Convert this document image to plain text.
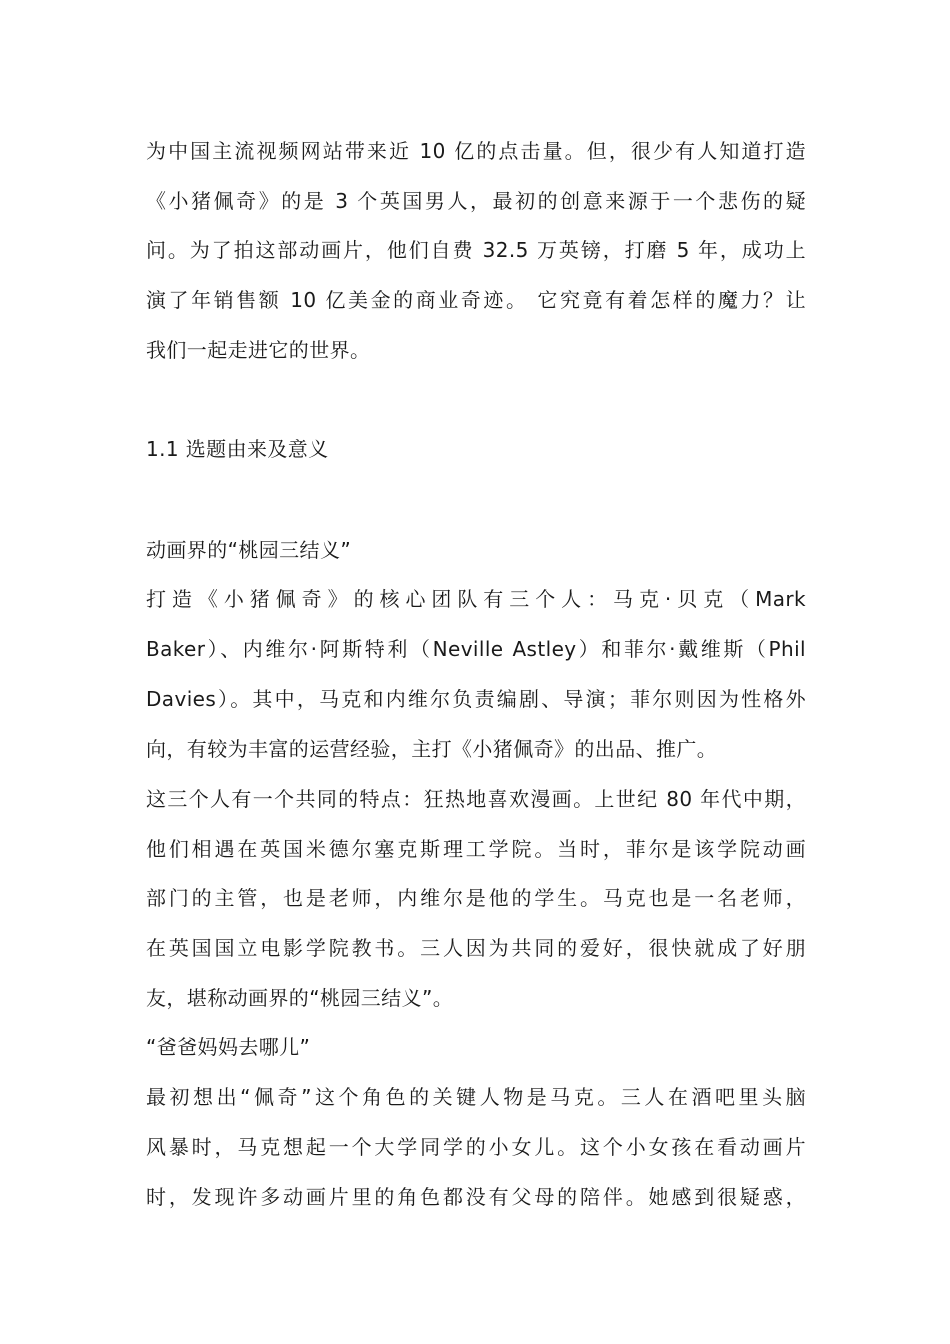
为中国主流视频网站带来近 10 亿的点击量。但，很少有人知道打造
《小猪佩奇》的是 3 个英国男人，最初的创意来源于一个悲伤的疑
问。为了拍这部动画片，他们自费 32.5 万英镑，打磨 5 年，成功上
演了年销售额 10 亿美金的商业奇迹。 它究竟有着怎样的魔力？让
我们一起走进它的世界。
1.1 选题由来及意义
动画界的“桃园三结义”
打造《小猪佩奇》的核心团队有三个人：马克·贝克（Mark
Baker）、内维尔·阿斯特利（Neville Astley）和菲尔·戴维斯（Phil
Davies）。其中，马克和内维尔负责编剧、导演；菲尔则因为性格外
向，有较为丰富的运营经验，主打《小猪佩奇》的出品、推广。
这三个人有一个共同的特点：狂热地喜欢漫画。上世纪 80 年代中期，
他们相遇在英国米德尔塞克斯理工学院。当时，菲尔是该学院动画
部门的主管，也是老师，内维尔是他的学生。马克也是一名老师，
在英国国立电影学院教书。三人因为共同的爱好，很快就成了好朋
友，堪称动画界的“桃园三结义”。
“爸爸妈妈去哪儿”
最初想出“佩奇”这个角色的关键人物是马克。三人在酒吧里头脑
风暴时，马克想起一个大学同学的小女儿。这个小女孩在看动画片
时，发现许多动画片里的角色都没有父母的陪伴。她感到很疑惑，
